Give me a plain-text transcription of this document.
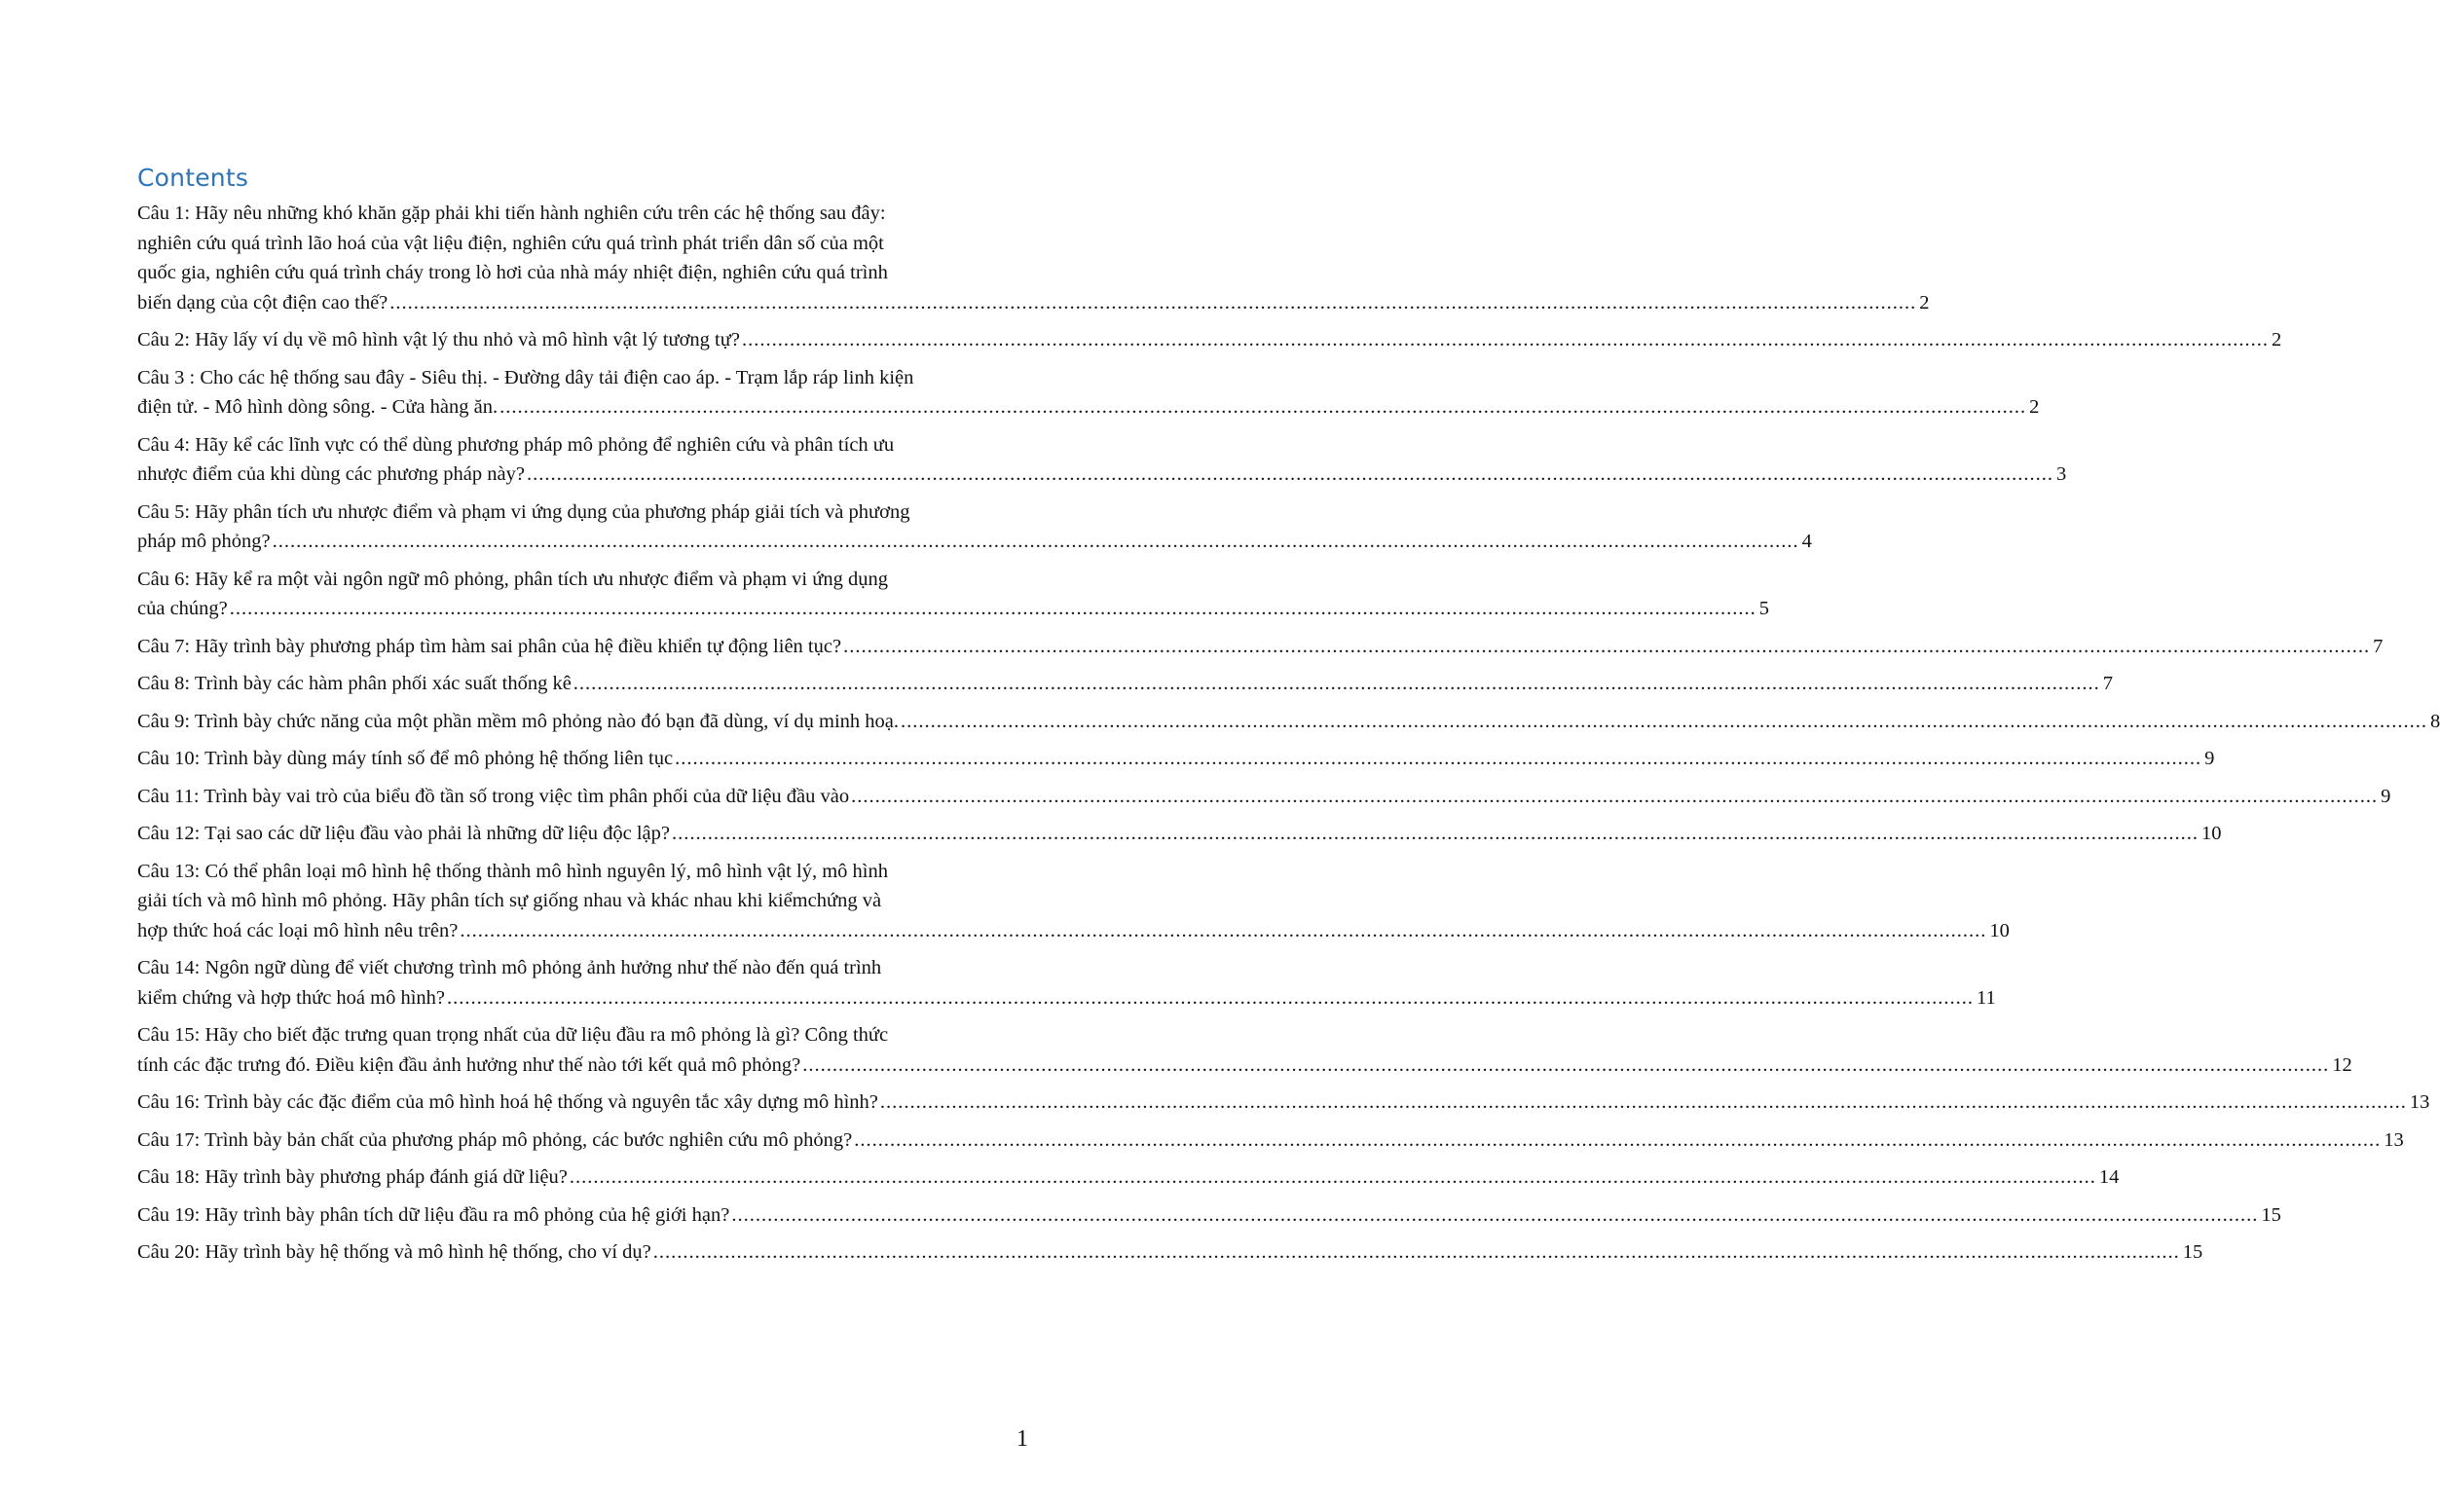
Contents
Câu 1: Hãy nêu những khó khăn gặp phải khi tiến hành nghiên cứu trên các hệ thống sau đây:
nghiên cứu quá trình lão hoá của vật liệu điện, nghiên cứu quá trình phát triển dân số của một
quốc gia, nghiên cứu quá trình cháy trong lò hơi của nhà máy nhiệt điện, nghiên cứu quá trình
biến dạng của cột điện cao thế? .....	2
Câu 2: Hãy lấy ví dụ về mô hình vật lý thu nhỏ và mô hình vật lý tương tự? .....	2
Câu 3 : Cho các hệ thống sau đây - Siêu thị. - Đường dây tải điện cao áp. - Trạm lắp ráp linh kiện
điện tử. - Mô hình dòng sông. - Cửa hàng ăn. .....	2
Câu 4: Hãy kể các lĩnh vực có thể dùng phương pháp mô phỏng để nghiên cứu và phân tích ưu
nhược điểm của khi dùng các phương pháp này? .....	3
Câu 5: Hãy phân tích ưu nhược điểm và phạm vi ứng dụng của phương pháp giải tích và phương
pháp mô phỏng? .....	4
Câu 6: Hãy kể ra một vài ngôn ngữ mô phỏng, phân tích ưu nhược điểm và phạm vi ứng dụng
của chúng? .....	5
Câu 7: Hãy trình bày phương pháp tìm hàm sai phân của hệ điều khiển tự động liên tục? .....	7
Câu 8: Trình bày các hàm phân phối xác suất thống kê .....	7
Câu 9: Trình bày chức năng của một phần mềm mô phỏng nào đó bạn đã dùng, ví dụ minh hoạ. .....	8
Câu 10: Trình bày dùng máy tính số để mô phỏng hệ thống liên tục .....	9
Câu 11: Trình bày vai trò của biểu đồ tần số trong việc tìm phân phối của dữ liệu đầu vào .....	9
Câu 12: Tại sao các dữ liệu đầu vào phải là những dữ liệu độc lập? .....	10
Câu 13: Có thể phân loại mô hình hệ thống thành mô hình nguyên lý, mô hình vật lý, mô hình
giải tích và mô hình mô phỏng. Hãy phân tích sự giống nhau và khác nhau khi kiểmchứng và
hợp thức hoá các loại mô hình nêu trên? .....	10
Câu 14: Ngôn ngữ dùng để viết chương trình mô phỏng ảnh hưởng như thế nào đến quá trình
kiểm chứng và hợp thức hoá mô hình? .....	11
Câu 15: Hãy cho biết đặc trưng quan trọng nhất của dữ liệu đầu ra mô phỏng là gì? Công thức
tính các đặc trưng đó. Điều kiện đầu ảnh hưởng như thế nào tới kết quả mô phỏng? .....	12
Câu 16: Trình bày các đặc điểm của mô hình hoá hệ thống và nguyên tắc xây dựng mô hình? .....	13
Câu 17: Trình bày bản chất của phương pháp mô phỏng, các bước nghiên cứu mô phỏng? .....	13
Câu 18: Hãy trình bày phương pháp đánh giá dữ liệu? .....	14
Câu 19: Hãy trình bày phân tích dữ liệu đầu ra mô phỏng của hệ giới hạn? .....	15
Câu 20: Hãy trình bày hệ thống và mô hình hệ thống, cho ví dụ? .....	15
1
